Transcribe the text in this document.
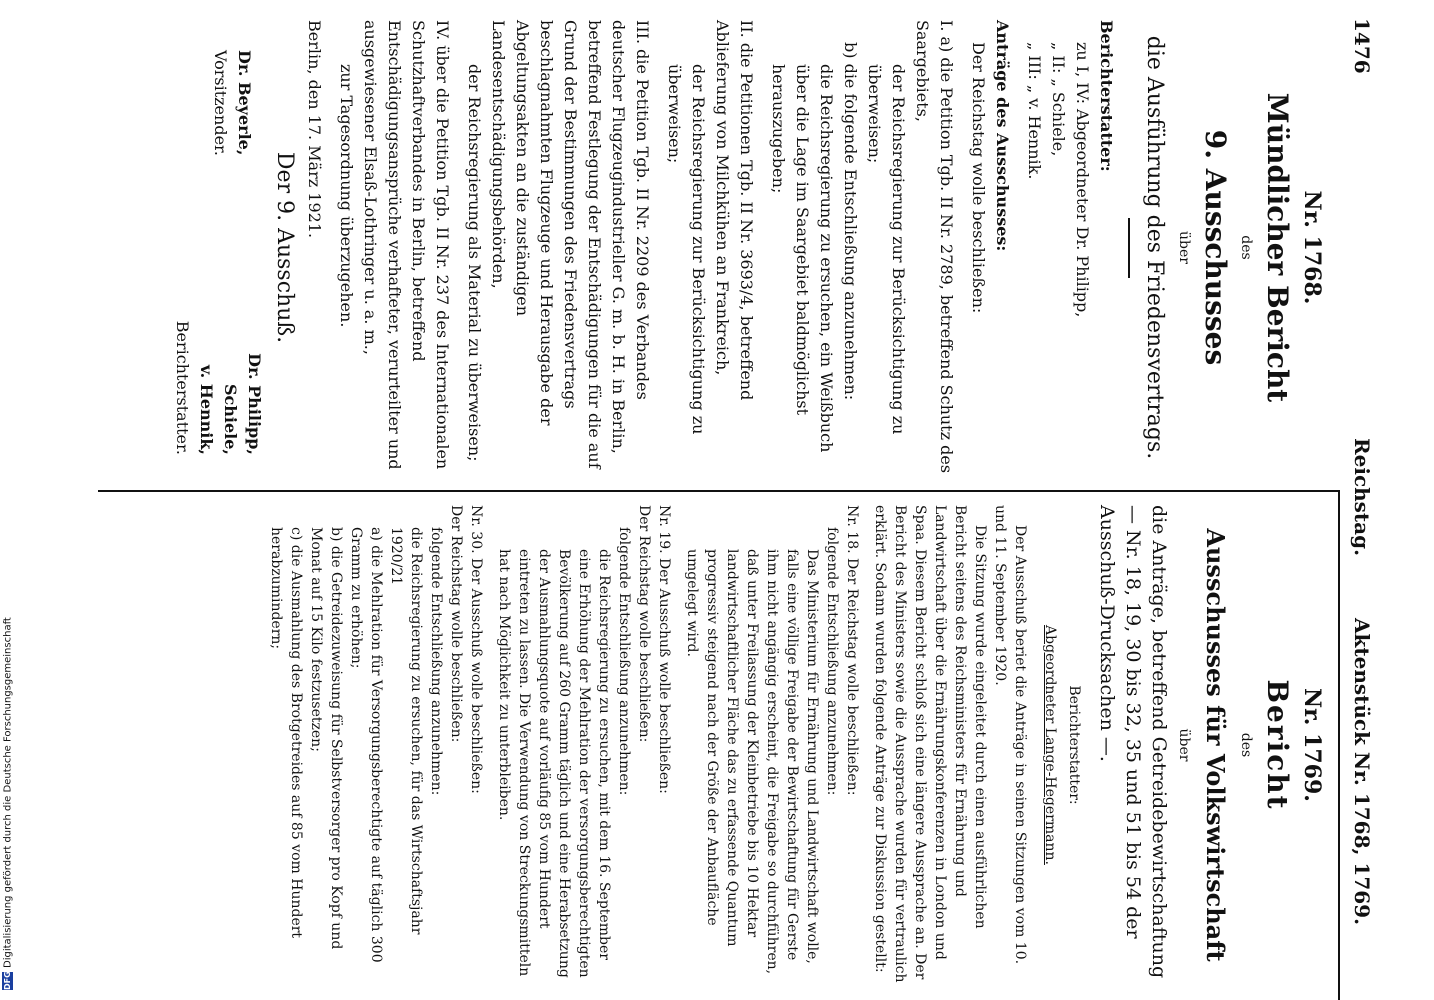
1476
Reichstag.
Aktenstück Nr. 1768, 1769.

Nr. 1768.

Mündlicher Bericht

des

9. Ausschusses

über

die Ausführung des Friedensvertrags.

Berichterstatter:

zu I, IV: Abgeordneter Dr. Philipp,

„ II: „ Schiele,

„ III: „ v. Hennik.

Anträge des Ausschusses:

Der Reichstag wolle beschließen:

I. a) die Petition Tgb. II Nr. 2789, betreffend Schutz des Saargebiets,

der Reichsregierung zur Berücksichtigung zu überweisen;

b) die folgende Entschließung anzunehmen:

die Reichsregierung zu ersuchen, ein Weißbuch über die Lage im Saargebiet baldmöglichst herauszugeben;

II. die Petitionen Tgb. II Nr. 3693/4, betreffend Ablieferung von Milchkühen an Frankreich,

der Reichsregierung zur Berücksichtigung zu überweisen;

III. die Petition Tgb. II Nr. 2209 des Verbandes deutscher Flugzeugindustrieller G. m. b. H. in Berlin, betreffend Festlegung der Entschädigungen für die auf Grund der Bestimmungen des Friedensvertrags beschlagnahmten Flugzeuge und Herausgabe der Abgeltungsakten an die zuständigen Landesentschädigungsbehörden,

der Reichsregierung als Material zu überweisen;

IV. über die Petition Tgb. II Nr. 237 des Internationalen Schutzhaftverbandes in Berlin, betreffend Entschädigungsansprüche verhafteter, verurteilter und ausgewiesener Elsaß-Lothringer u. a. m.,

zur Tagesordnung überzugehen.

Berlin, den 17. März 1921.

Der 9. Ausschuß.

Dr. Beyerle,

Vorsitzender.

Dr. Philipp,

Schiele,

v. Hennik,

Berichterstatter.

Nr. 1769.

Bericht

des

Ausschusses für Volkswirtschaft

über

die Anträge, betreffend Getreidebewirtschaftung — Nr. 18, 19, 30 bis 32, 35 und 51 bis 54 der Ausschuß-Drucksachen —.

Berichterstatter:

Abgeordneter Lange-Hegermann.

Der Ausschuß beriet die Anträge in seinen Sitzungen vom 10. und 11. September 1920.

Die Sitzung wurde eingeleitet durch einen ausführlichen Bericht seitens des Reichsministers für Ernährung und Landwirtschaft über die Ernährungskonferenzen in London und Spaa. Diesem Bericht schloß sich eine längere Aussprache an. Der Bericht des Ministers sowie die Aussprache wurden für vertraulich erklärt. Sodann wurden folgende Anträge zur Diskussion gestellt:

Nr. 18. Der Reichstag wolle beschließen:

folgende Entschließung anzunehmen:

Das Ministerium für Ernährung und Landwirtschaft wolle, falls eine völlige Freigabe der Bewirtschaftung für Gerste ihm nicht angängig erscheint, die Freigabe so durchführen, daß unter Freilassung der Kleinbetriebe bis 10 Hektar landwirtschaftlicher Fläche das zu erfassende Quantum progressiv steigend nach der Größe der Anbaufläche umgelegt wird.

Nr. 19. Der Ausschuß wolle beschließen:

Der Reichstag wolle beschließen:

folgende Entschließung anzunehmen:

die Reichsregierung zu ersuchen, mit dem 16. September eine Erhöhung der Mehlration der versorgungsberechtigten Bevölkerung auf 260 Gramm täglich und eine Herabsetzung der Ausmahlungsquote auf vorläufig 85 vom Hundert eintreten zu lassen. Die Verwendung von Streckungsmitteln hat nach Möglichkeit zu unterbleiben.

Nr. 30. Der Ausschuß wolle beschließen:

Der Reichstag wolle beschließen:

folgende Entschließung anzunehmen:

die Reichsregierung zu ersuchen, für das Wirtschaftsjahr 1920/21

a) die Mehlration für Versorgungsberechtigte auf täglich 300 Gramm zu erhöhen;

b) die Getreidezuweisung für Selbstversorger pro Kopf und Monat auf 15 Kilo festzusetzen;

c) die Ausmahlung des Brotgetreides auf 85 vom Hundert herabzumindern;

DFGDigitalisierung gefördert durch die Deutsche Forschungsgemeinschaft
